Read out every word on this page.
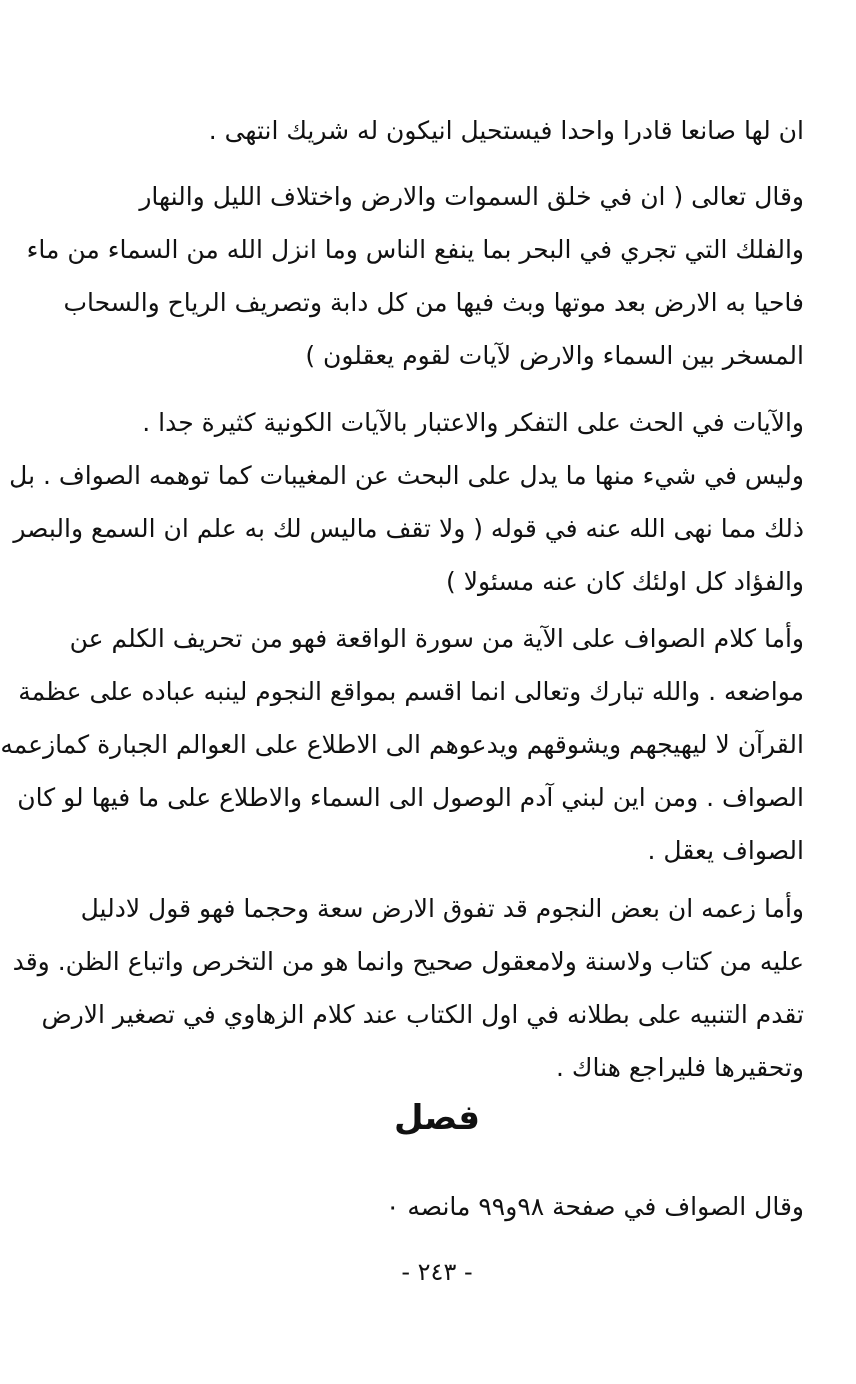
ان لها صانعا قادرا واحدا فيستحيل انيكون له شريك انتهى .

وقال تعالى ( ان في خلق السموات والارض واختلاف الليل والنهار
والفلك التي تجري في البحر بما ينفع الناس وما انزل الله من السماء من ماء
فاحيا به الارض بعد موتها وبث فيها من كل دابة وتصريف الرياح والسحاب
المسخر بين السماء والارض لآيات لقوم يعقلون )

والآيات في الحث على التفكر والاعتبار بالآيات الكونية كثيرة جدا .
وليس في شيء منها ما يدل على البحث عن المغيبات كما توهمه الصواف . بل
ذلك مما نهى الله عنه في قوله ( ولا تقف ماليس لك به علم ان السمع والبصر
والفؤاد كل اولئك كان عنه مسئولا )

وأما كلام الصواف على الآية من سورة الواقعة فهو من تحريف الكلم عن
مواضعه . والله تبارك وتعالى انما اقسم بمواقع النجوم لينبه عباده على عظمة
القرآن لا ليهيجهم ويشوقهم ويدعوهم الى الاطلاع على العوالم الجبارة كمازعمه
الصواف . ومن اين لبني آدم الوصول الى السماء والاطلاع على ما فيها لو كان
الصواف يعقل .

وأما زعمه ان بعض النجوم قد تفوق الارض سعة وحجما فهو قول لادليل
عليه من كتاب ولاسنة ولامعقول صحيح وانما هو من التخرص واتباع الظن. وقد
تقدم التنبيه على بطلانه في اول الكتاب عند كلام الزهاوي في تصغير الارض
وتحقيرها فليراجع هناك .

فصل

وقال الصواف في صفحة ٩٨و٩٩ مانصه ٠

- ٢٤٣ -
